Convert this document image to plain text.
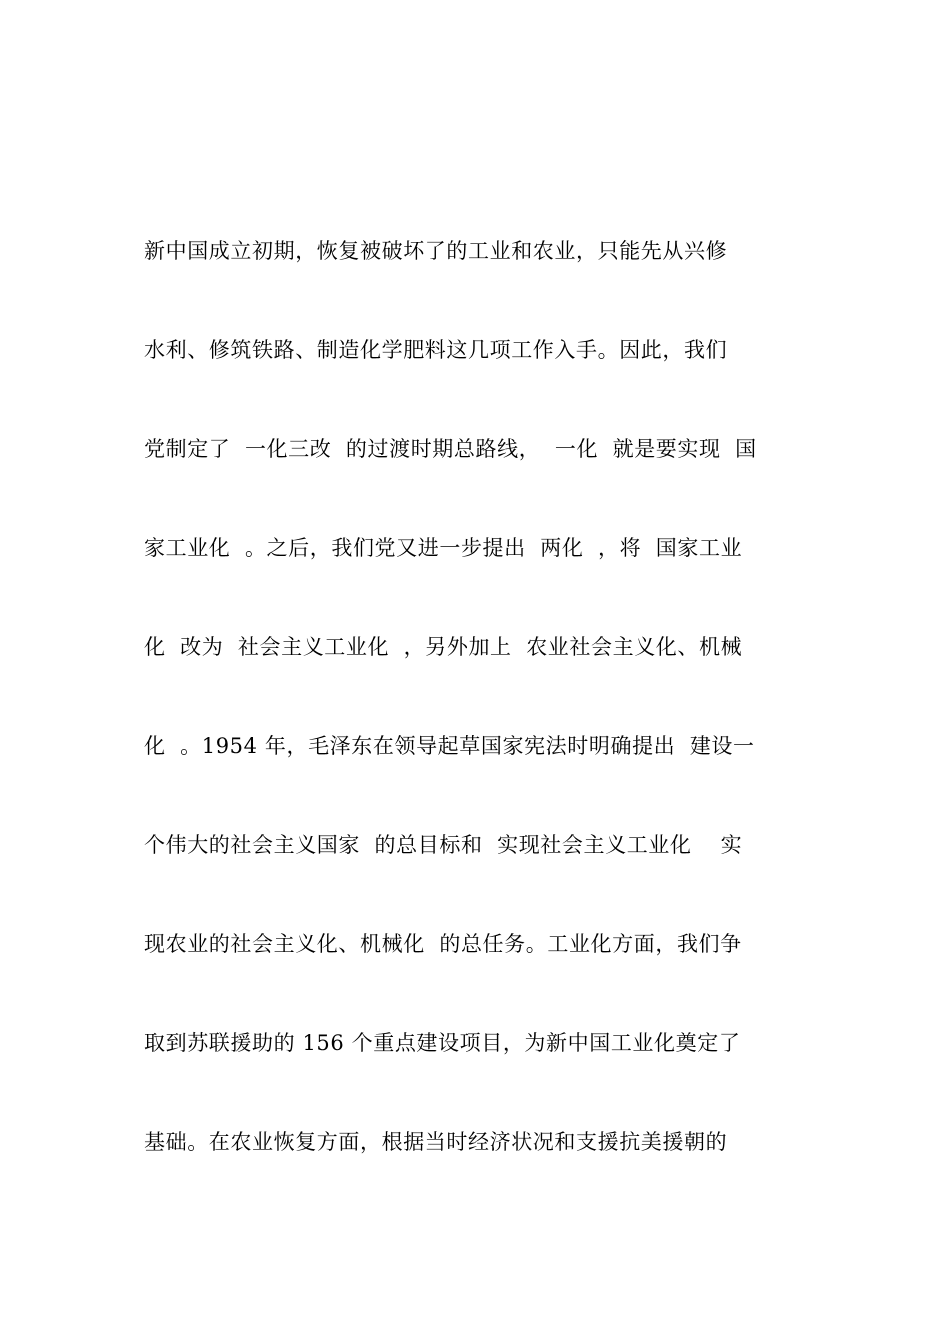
新中国成立初期，恢复被破坏了的工业和农业，只能先从兴修
水利、修筑铁路、制造化学肥料这几项工作入手。因此，我们
党制定了  一化三改  的过渡时期总路线，  一化  就是要实现  国
家工业化  。之后，我们党又进一步提出  两化  ，将  国家工业
化  改为  社会主义工业化  ，另外加上  农业社会主义化、机械
化  。1954 年，毛泽东在领导起草国家宪法时明确提出  建设一
个伟大的社会主义国家  的总目标和  实现社会主义工业化    实
现农业的社会主义化、机械化  的总任务。工业化方面，我们争
取到苏联援助的 156 个重点建设项目，为新中国工业化奠定了
基础。在农业恢复方面，根据当时经济状况和支援抗美援朝的
